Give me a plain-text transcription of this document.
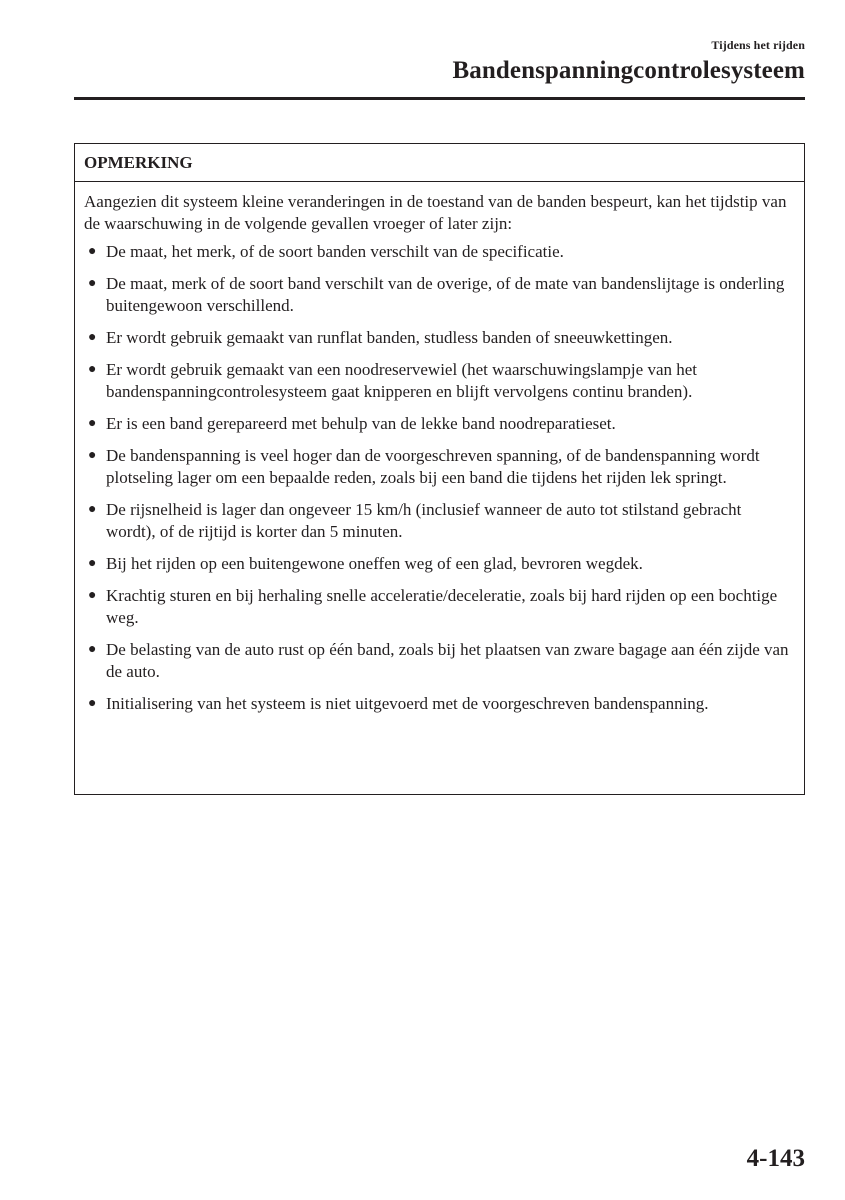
Tijdens het rijden
Bandenspanningcontrolesysteem
OPMERKING

Aangezien dit systeem kleine veranderingen in de toestand van de banden bespeurt, kan het tijdstip van de waarschuwing in de volgende gevallen vroeger of later zijn:

● De maat, het merk, of de soort banden verschilt van de specificatie.
● De maat, merk of de soort band verschilt van de overige, of de mate van bandenslijtage is onderling buitengewoon verschillend.
● Er wordt gebruik gemaakt van runflat banden, studless banden of sneeuwkettingen.
● Er wordt gebruik gemaakt van een noodreservewiel (het waarschuwingslampje van het bandenspanningcontrolesysteem gaat knipperen en blijft vervolgens continu branden).
● Er is een band gerepareerd met behulp van de lekke band noodreparatieset.
● De bandenspanning is veel hoger dan de voorgeschreven spanning, of de bandenspanning wordt plotseling lager om een bepaalde reden, zoals bij een band die tijdens het rijden lek springt.
● De rijsnelheid is lager dan ongeveer 15 km/h (inclusief wanneer de auto tot stilstand gebracht wordt), of de rijtijd is korter dan 5 minuten.
● Bij het rijden op een buitengewone oneffen weg of een glad, bevroren wegdek.
● Krachtig sturen en bij herhaling snelle acceleratie/deceleratie, zoals bij hard rijden op een bochtige weg.
● De belasting van de auto rust op één band, zoals bij het plaatsen van zware bagage aan één zijde van de auto.
● Initialisering van het systeem is niet uitgevoerd met de voorgeschreven bandenspanning.
4-143
